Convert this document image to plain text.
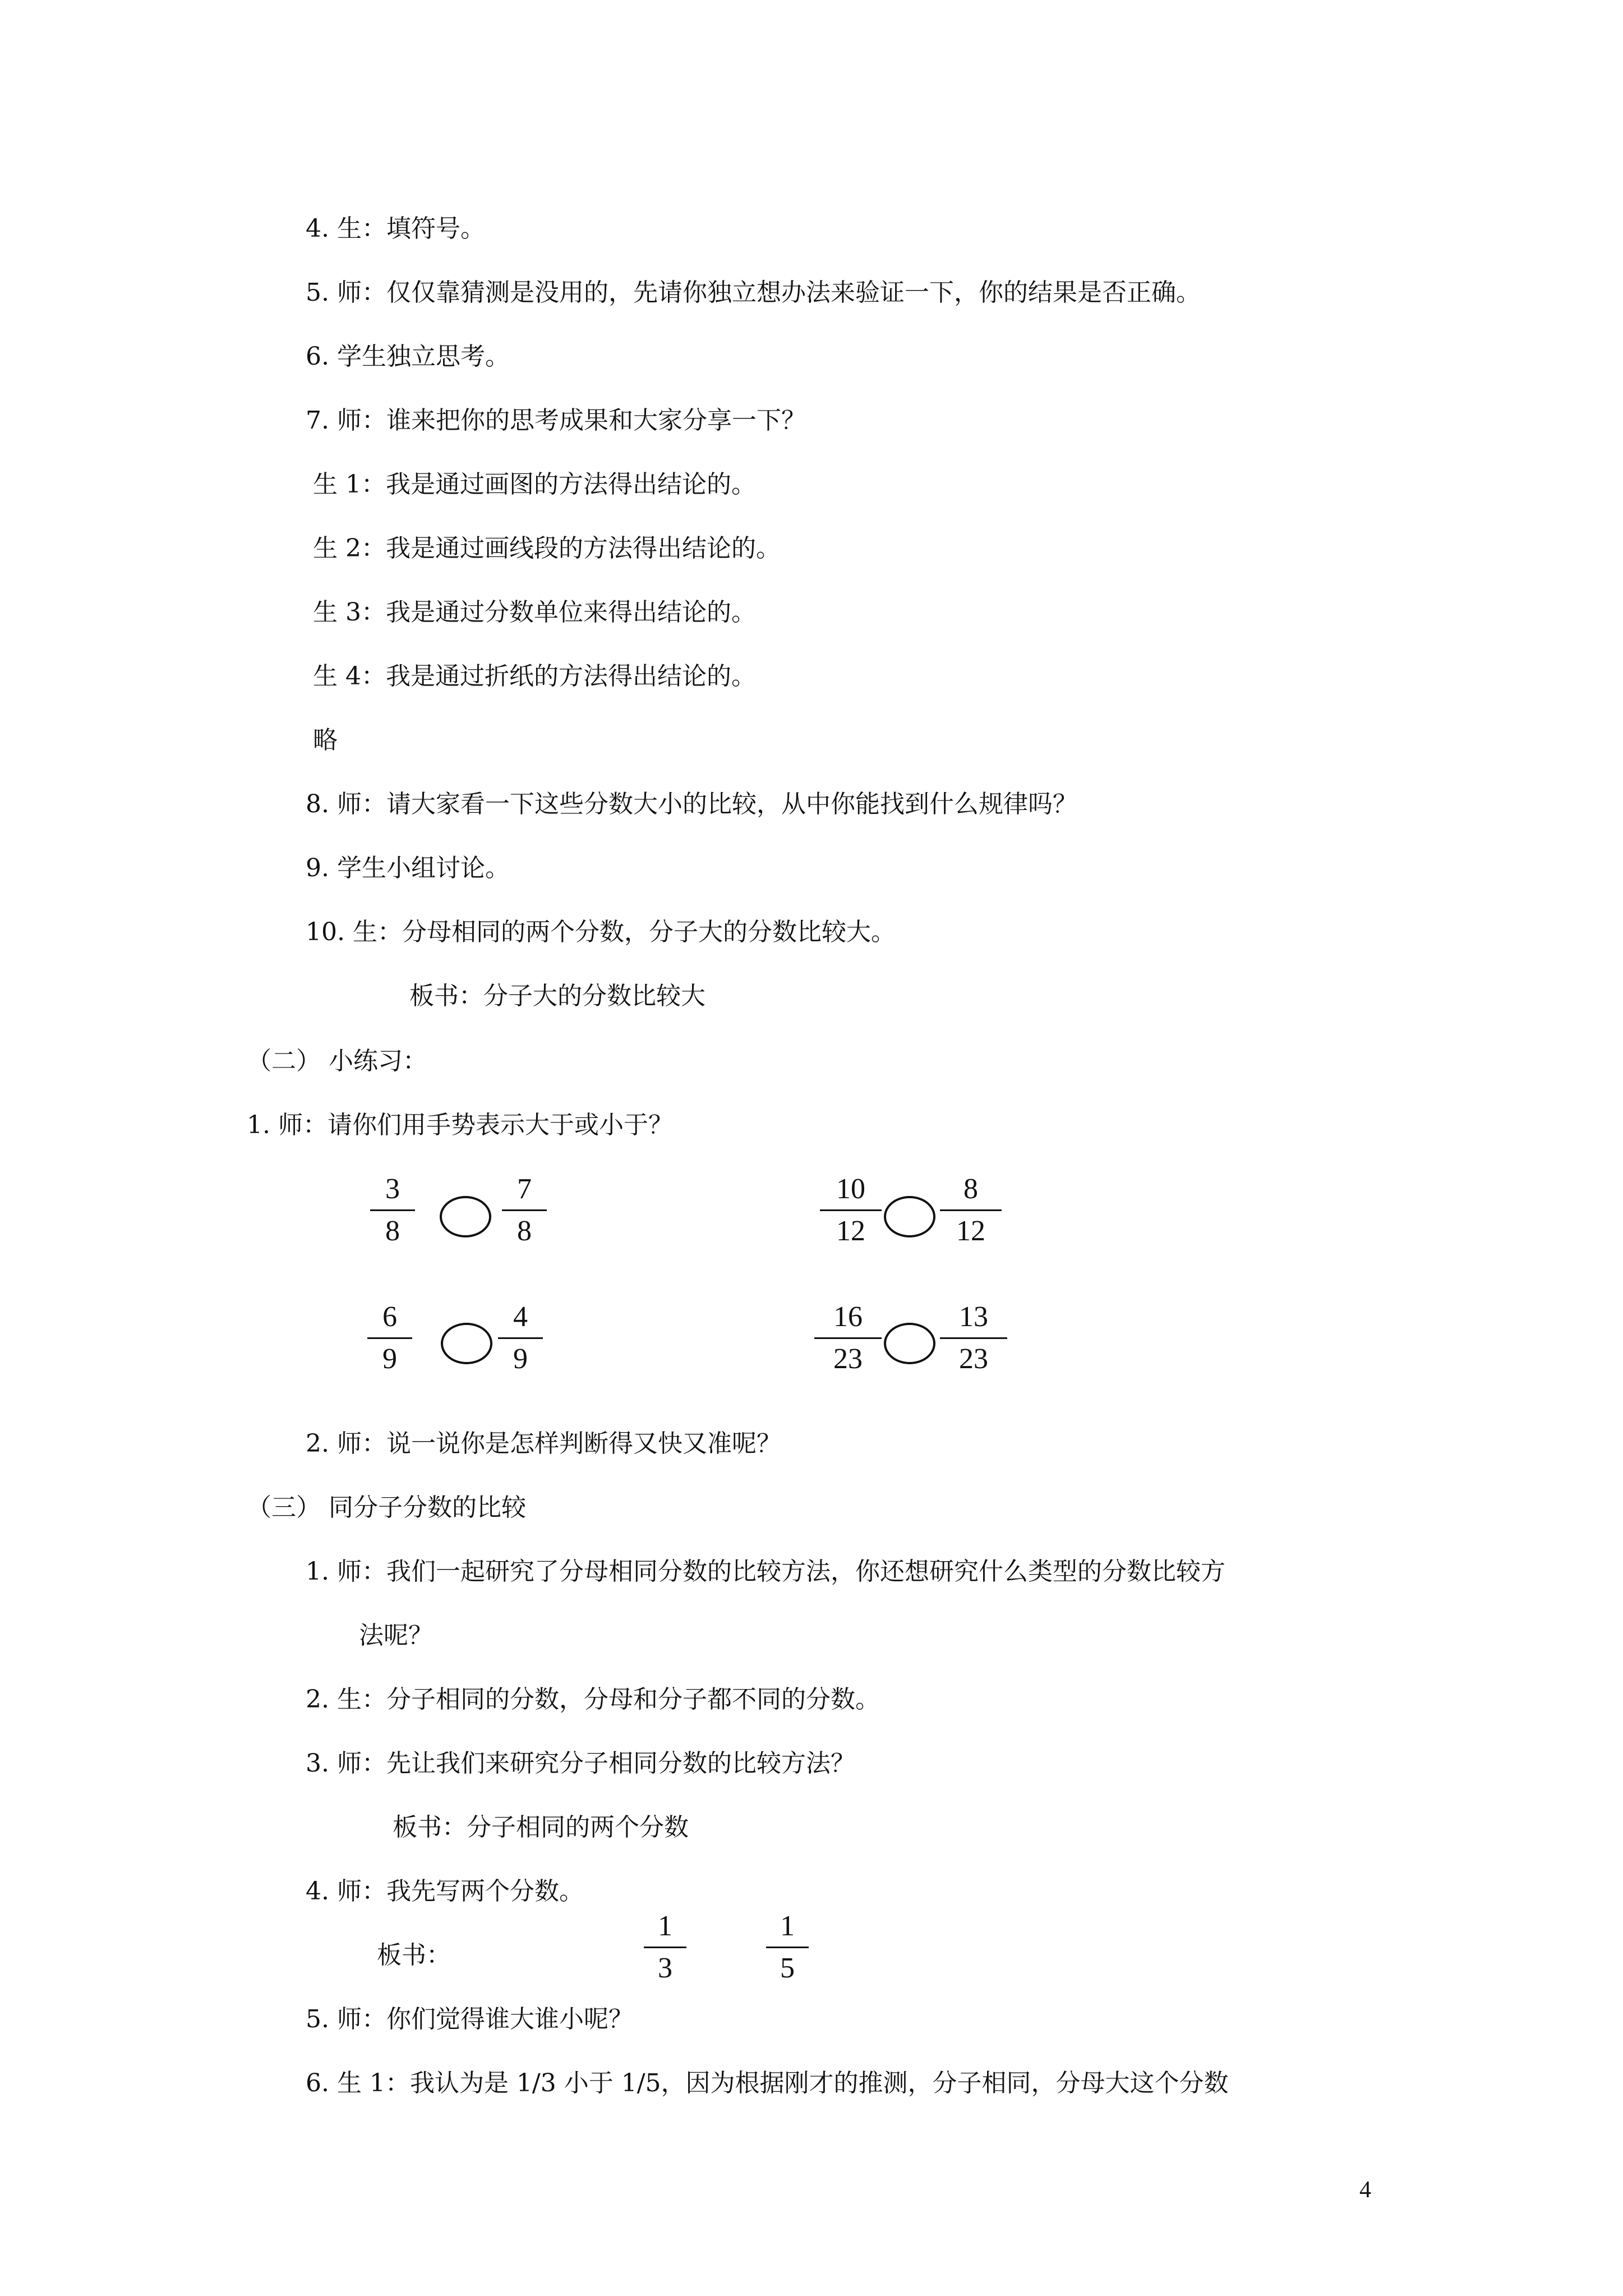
4. 生：填符号。
5. 师：仅仅靠猜测是没用的，先请你独立想办法来验证一下，你的结果是否正确。
6. 学生独立思考。
7. 师：谁来把你的思考成果和大家分享一下？
生 1：我是通过画图的方法得出结论的。
生 2：我是通过画线段的方法得出结论的。
生 3：我是通过分数单位来得出结论的。
生 4：我是通过折纸的方法得出结论的。
略
8. 师：请大家看一下这些分数大小的比较，从中你能找到什么规律吗？
9. 学生小组讨论。
10. 生：分母相同的两个分数，分子大的分数比较大。
板书：分子大的分数比较大
（二） 小练习：
1. 师：请你们用手势表示大于或小于？
3
8
7
8
10
12
8
12
6
9
4
9
16
23
13
23
2. 师：说一说你是怎样判断得又快又准呢？
（三） 同分子分数的比较
1. 师：我们一起研究了分母相同分数的比较方法，你还想研究什么类型的分数比较方
法呢？
2. 生：分子相同的分数，分母和分子都不同的分数。
3. 师：先让我们来研究分子相同分数的比较方法？
板书：分子相同的两个分数
4. 师：我先写两个分数。
板书：
1
3
1
5
5. 师：你们觉得谁大谁小呢？
6. 生 1：我认为是 1/3 小于 1/5，因为根据刚才的推测，分子相同，分母大这个分数
4
